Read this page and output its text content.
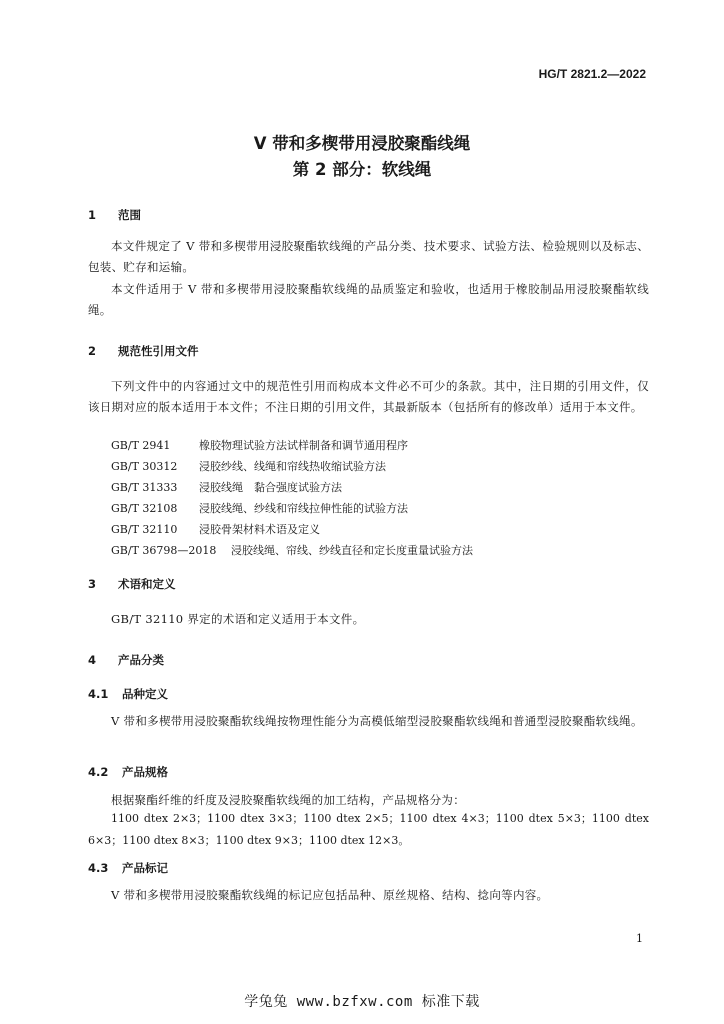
HG/T 2821.2—2022
V 带和多楔带用浸胶聚酯线绳
第 2 部分：软线绳
1 范围
本文件规定了 V 带和多楔带用浸胶聚酯软线绳的产品分类、技术要求、试验方法、检验规则以及标志、包装、贮存和运输。
本文件适用于 V 带和多楔带用浸胶聚酯软线绳的品质鉴定和验收，也适用于橡胶制品用浸胶聚酯软线绳。
2 规范性引用文件
下列文件中的内容通过文中的规范性引用而构成本文件必不可少的条款。其中，注日期的引用文件，仅该日期对应的版本适用于本文件；不注日期的引用文件，其最新版本（包括所有的修改单）适用于本文件。
GB/T 2941	橡胶物理试验方法试样制备和调节通用程序
GB/T 30312 浸胶纱线、线绳和帘线热收缩试验方法
GB/T 31333 浸胶线绳　黏合强度试验方法
GB/T 32108 浸胶线绳、纱线和帘线拉伸性能的试验方法
GB/T 32110 浸胶骨架材料术语及定义
GB/T 36798—2018 浸胶线绳、帘线、纱线直径和定长度重量试验方法
3 术语和定义
GB/T 32110 界定的术语和定义适用于本文件。
4 产品分类
4.1 品种定义
V 带和多楔带用浸胶聚酯软线绳按物理性能分为高模低缩型浸胶聚酯软线绳和普通型浸胶聚酯软线绳。
4.2 产品规格
根据聚酯纤维的纤度及浸胶聚酯软线绳的加工结构，产品规格分为：
1100 dtex 2×3；1100 dtex 3×3；1100 dtex 2×5；1100 dtex 4×3；1100 dtex 5×3；1100 dtex 6×3；1100 dtex 8×3；1100 dtex 9×3；1100 dtex 12×3。
4.3 产品标记
V 带和多楔带用浸胶聚酯软线绳的标记应包括品种、原丝规格、结构、捻向等内容。
1
学兔兔 www.bzfxw.com 标准下载
